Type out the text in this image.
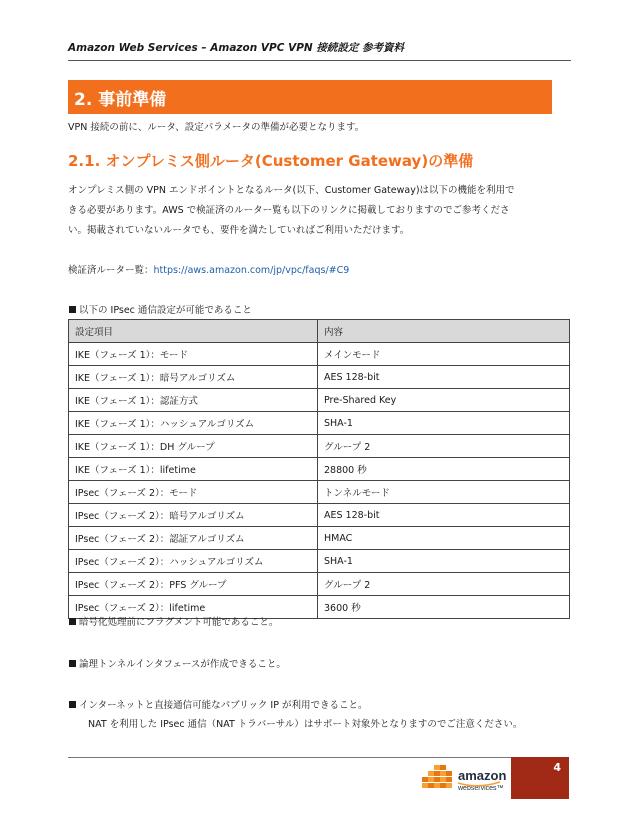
Amazon Web Services – Amazon VPC VPN 接続設定 参考資料
2. 事前準備
VPN 接続の前に、ルータ、設定パラメータの準備が必要となります。
2.1. オンプレミス側ルータ(Customer Gateway)の準備
オンプレミス側の VPN エンドポイントとなるルータ(以下、Customer Gateway)は以下の機能を利用で
きる必要があります。AWS で検証済のルーター覧も以下のリンクに掲載しておりますのでご参考くださ
い。掲載されていないルータでも、要件を満たしていればご利用いただけます。
検証済ルーター覧：https://aws.amazon.com/jp/vpc/faqs/#C9
以下の IPsec 通信設定が可能であること
設定項目	内容
IKE（フェーズ 1）：モード	メインモード
IKE（フェーズ 1）：暗号アルゴリズム	AES 128-bit
IKE（フェーズ 1）：認証方式	Pre-Shared Key
IKE（フェーズ 1）：ハッシュアルゴリズム	SHA-1
IKE（フェーズ 1）：DH グループ	グループ 2
IKE（フェーズ 1）：lifetime	28800 秒
IPsec（フェーズ 2）：モード	トンネルモード
IPsec（フェーズ 2）：暗号アルゴリズム	AES 128-bit
IPsec（フェーズ 2）：認証アルゴリズム	HMAC
IPsec（フェーズ 2）：ハッシュアルゴリズム	SHA-1
IPsec（フェーズ 2）：PFS グループ	グループ 2
IPsec（フェーズ 2）：lifetime	3600 秒
暗号化処理前にフラグメント可能であること。
論理トンネルインタフェースが作成できること。
インターネットと直接通信可能なパブリック IP が利用できること。
NAT を利用した IPsec 通信（NAT トラバーサル）はサポート対象外となりますのでご注意ください。
amazon
webservices™
4
